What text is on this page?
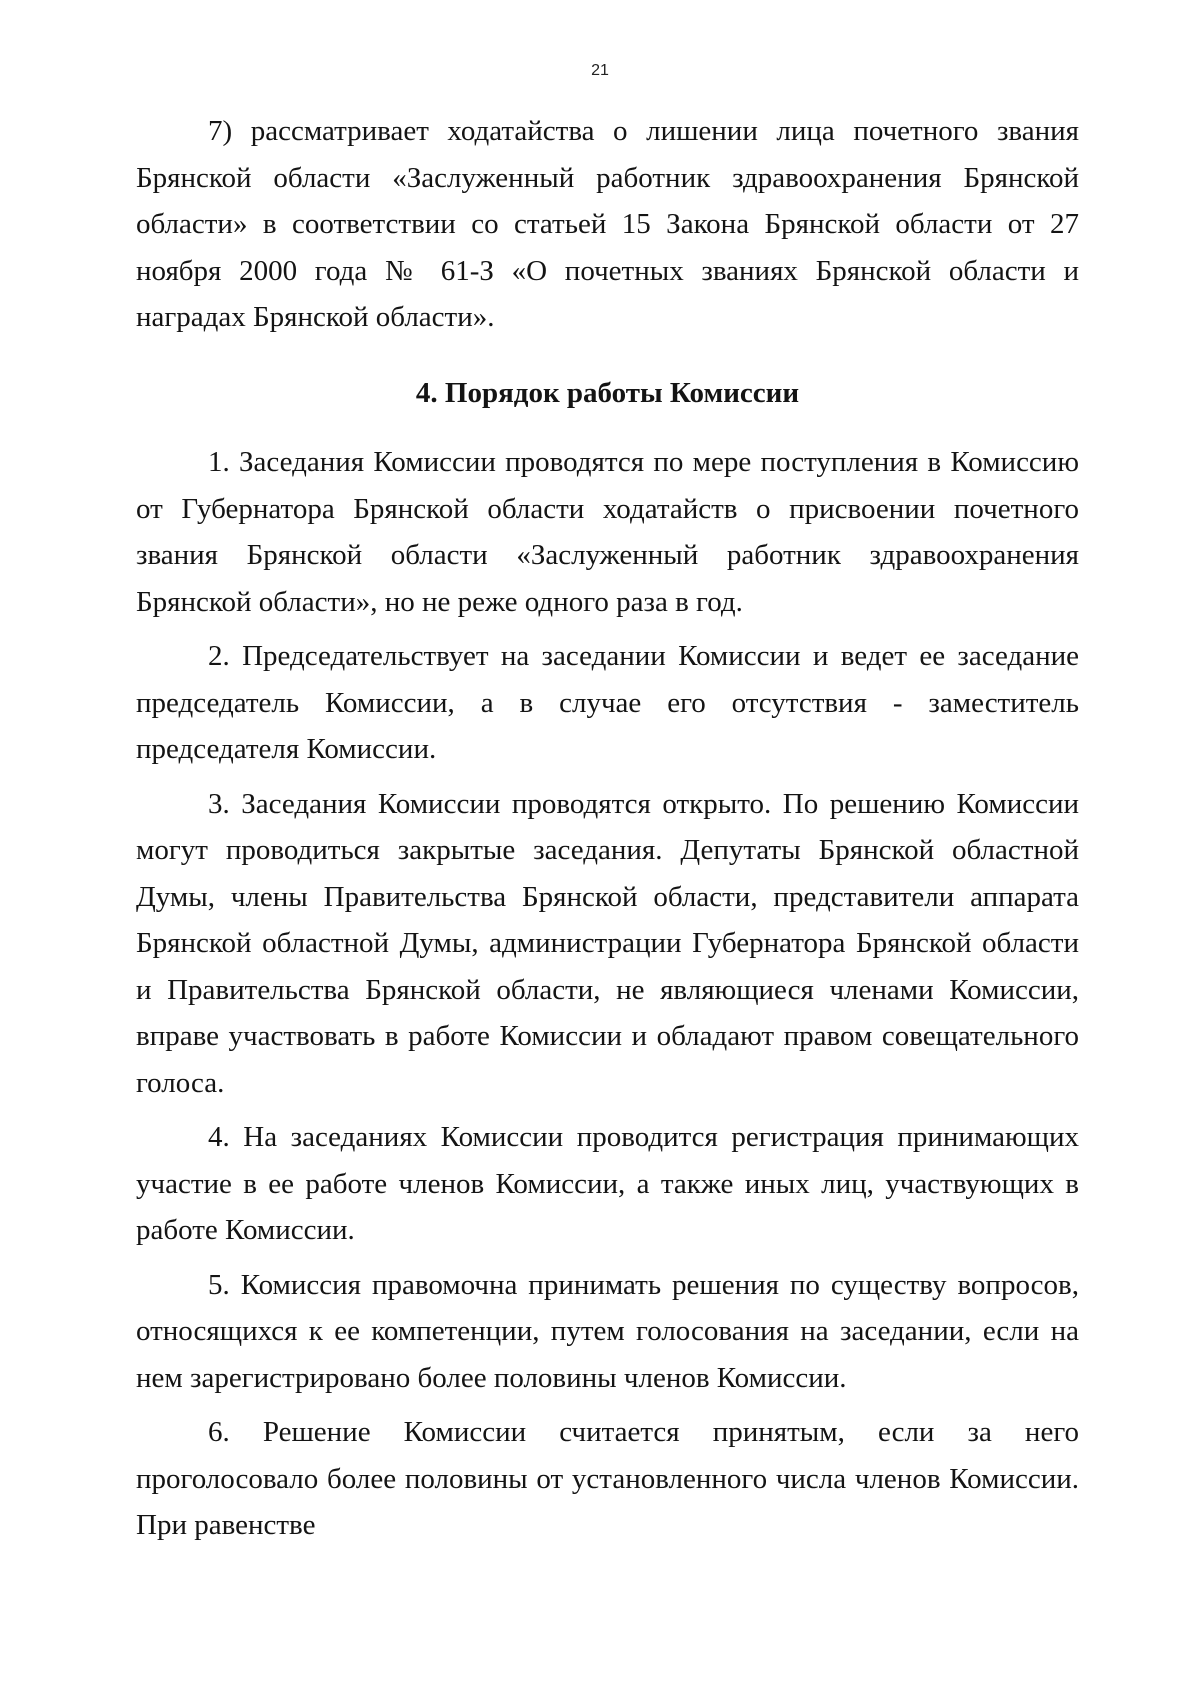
21

7) рассматривает ходатайства о лишении лица почетного звания Брянской области «Заслуженный работник здравоохранения Брянской области» в соответствии со статьей 15 Закона Брянской области от 27 ноября 2000 года № 61-З «О почетных званиях Брянской области и наградах Брянской области».

4. Порядок работы Комиссии

1. Заседания Комиссии проводятся по мере поступления в Комиссию от Губернатора Брянской области ходатайств о присвоении почетного звания Брянской области «Заслуженный работник здравоохранения Брянской области», но не реже одного раза в год.

2. Председательствует на заседании Комиссии и ведет ее заседание председатель Комиссии, а в случае его отсутствия - заместитель председателя Комиссии.

3. Заседания Комиссии проводятся открыто. По решению Комиссии могут проводиться закрытые заседания. Депутаты Брянской областной Думы, члены Правительства Брянской области, представители аппарата Брянской областной Думы, администрации Губернатора Брянской области и Правительства Брянской области, не являющиеся членами Комиссии, вправе участвовать в работе Комиссии и обладают правом совещательного голоса.

4. На заседаниях Комиссии проводится регистрация принимающих участие в ее работе членов Комиссии, а также иных лиц, участвующих в работе Комиссии.

5. Комиссия правомочна принимать решения по существу вопросов, относящихся к ее компетенции, путем голосования на заседании, если на нем зарегистрировано более половины членов Комиссии.

6. Решение Комиссии считается принятым, если за него проголосовало более половины от установленного числа членов Комиссии. При равенстве
